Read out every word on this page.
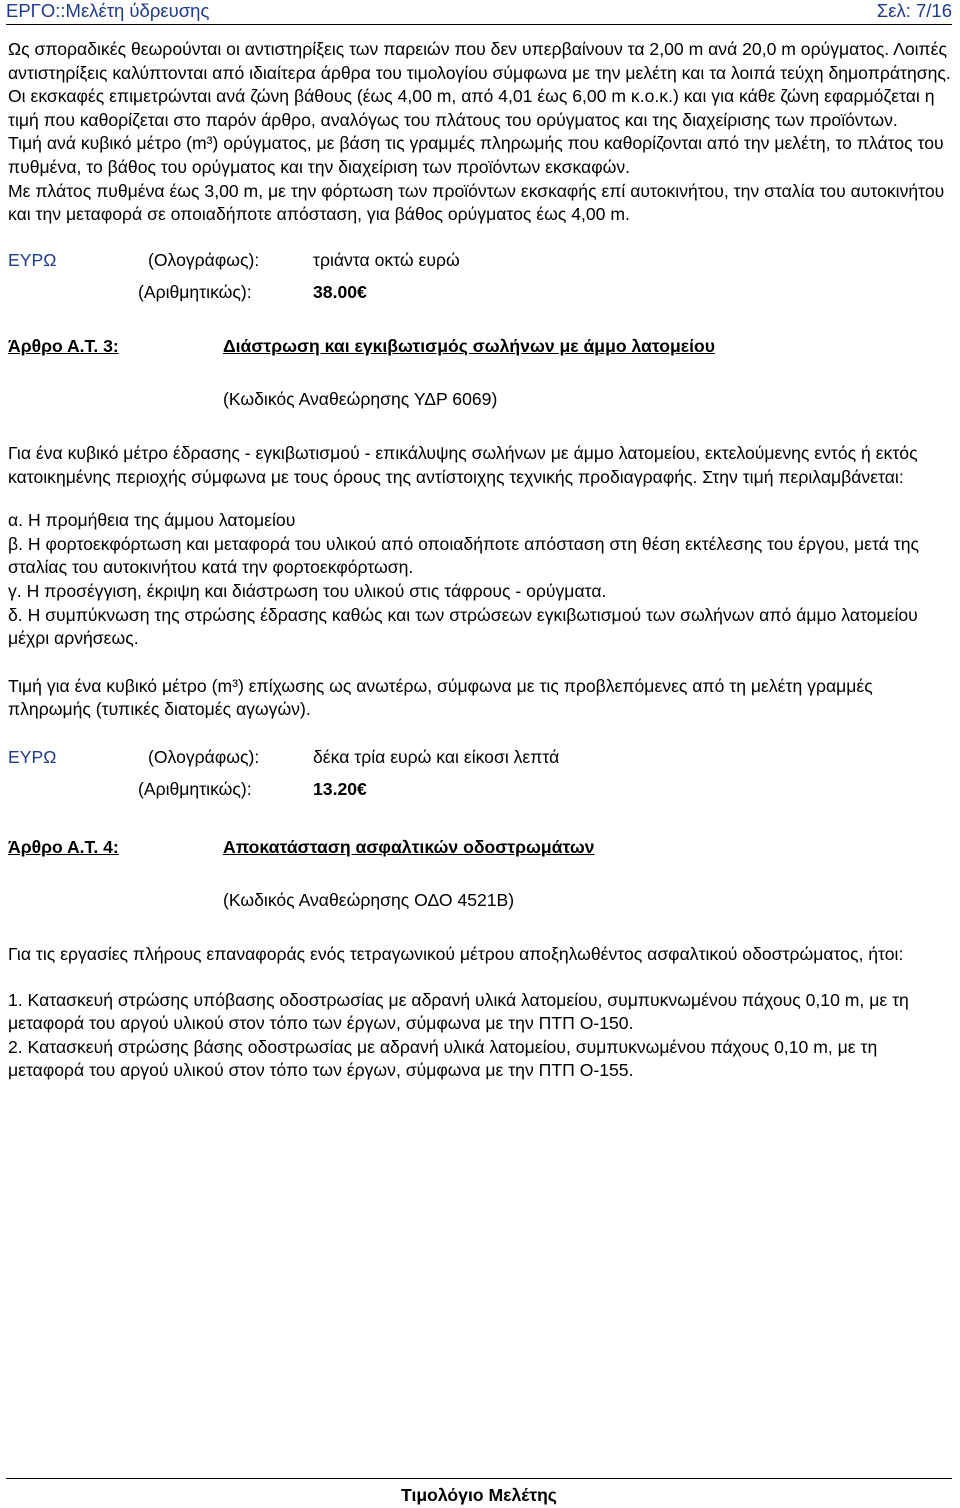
ΕΡΓΟ::Μελέτη ύδρευσης	Σελ: 7/16

Ως σποραδικές θεωρούνται οι αντιστηρίξεις των παρειών που δεν υπερβαίνουν τα 2,00 m ανά 20,0 m ορύγματος. Λοιπές αντιστηρίξεις καλύπτονται από ιδιαίτερα άρθρα του τιμολογίου σύμφωνα με την μελέτη και τα λοιπά τεύχη δημοπράτησης.

Οι εκσκαφές επιμετρώνται ανά ζώνη βάθους (έως 4,00 m, από 4,01 έως 6,00 m κ.ο.κ.) και για κάθε ζώνη εφαρμόζεται η τιμή που καθορίζεται στο παρόν άρθρο, αναλόγως του πλάτους του ορύγματος και της διαχείρισης των προϊόντων.

Τιμή ανά κυβικό μέτρο (m³) ορύγματος, με βάση τις γραμμές πληρωμής που καθορίζονται από την μελέτη, το πλάτος του πυθμένα, το βάθος του ορύγματος και την διαχείριση των προϊόντων εκσκαφών.

Με πλάτος πυθμένα έως 3,00 m, με την φόρτωση των προϊόντων εκσκαφής επί αυτοκινήτου, την σταλία του αυτοκινήτου και την μεταφορά σε οποιαδήποτε απόσταση, για βάθος ορύγματος έως 4,00 m.

ΕΥΡΩ	(Ολογράφως):	τριάντα οκτώ ευρώ
(Αριθμητικώς):	38.00€
Άρθρο Α.Τ. 3:	Διάστρωση και εγκιβωτισμός σωλήνων με άμμο λατομείου
(Κωδικός Αναθεώρησης ΥΔΡ 6069)

Για ένα κυβικό μέτρο έδρασης - εγκιβωτισμού - επικάλυψης σωλήνων με άμμο λατομείου, εκτελούμενης εντός ή εκτός κατοικημένης περιοχής σύμφωνα με τους όρους της αντίστοιχης τεχνικής προδιαγραφής. Στην τιμή περιλαμβάνεται:

α. Η προμήθεια της άμμου λατομείου

β. Η φορτοεκφόρτωση και μεταφορά του υλικού από οποιαδήποτε απόσταση στη θέση εκτέλεσης του έργου, μετά της σταλίας του αυτοκινήτου κατά την φορτοεκφόρτωση.

γ. Η προσέγγιση, έκριψη και διάστρωση του υλικού στις τάφρους - ορύγματα.

δ. Η συμπύκνωση της στρώσης έδρασης καθώς και των στρώσεων εγκιβωτισμού των σωλήνων από άμμο λατομείου μέχρι αρνήσεως.

Τιμή για ένα κυβικό μέτρο (m³) επίχωσης ως ανωτέρω, σύμφωνα με τις προβλεπόμενες από τη μελέτη γραμμές πληρωμής (τυπικές διατομές αγωγών).

ΕΥΡΩ	(Ολογράφως):	δέκα τρία ευρώ και είκοσι λεπτά
(Αριθμητικώς):	13.20€
Άρθρο Α.Τ. 4:	Αποκατάσταση ασφαλτικών οδοστρωμάτων
(Κωδικός Αναθεώρησης ΟΔΟ 4521Β)

Για τις εργασίες πλήρους επαναφοράς ενός τετραγωνικού μέτρου αποξηλωθέντος ασφαλτικού οδοστρώματος, ήτοι:

1. Κατασκευή στρώσης υπόβασης οδοστρωσίας με αδρανή υλικά λατομείου, συμπυκνωμένου πάχους 0,10 m, με τη μεταφορά του αργού υλικού στον τόπο των έργων, σύμφωνα με την ΠΤΠ Ο-150.

2. Κατασκευή στρώσης βάσης οδοστρωσίας με αδρανή υλικά λατομείου, συμπυκνωμένου πάχους 0,10 m, με τη μεταφορά του αργού υλικού στον τόπο των έργων, σύμφωνα με την ΠΤΠ Ο-155.

Τιμολόγιο Μελέτης
